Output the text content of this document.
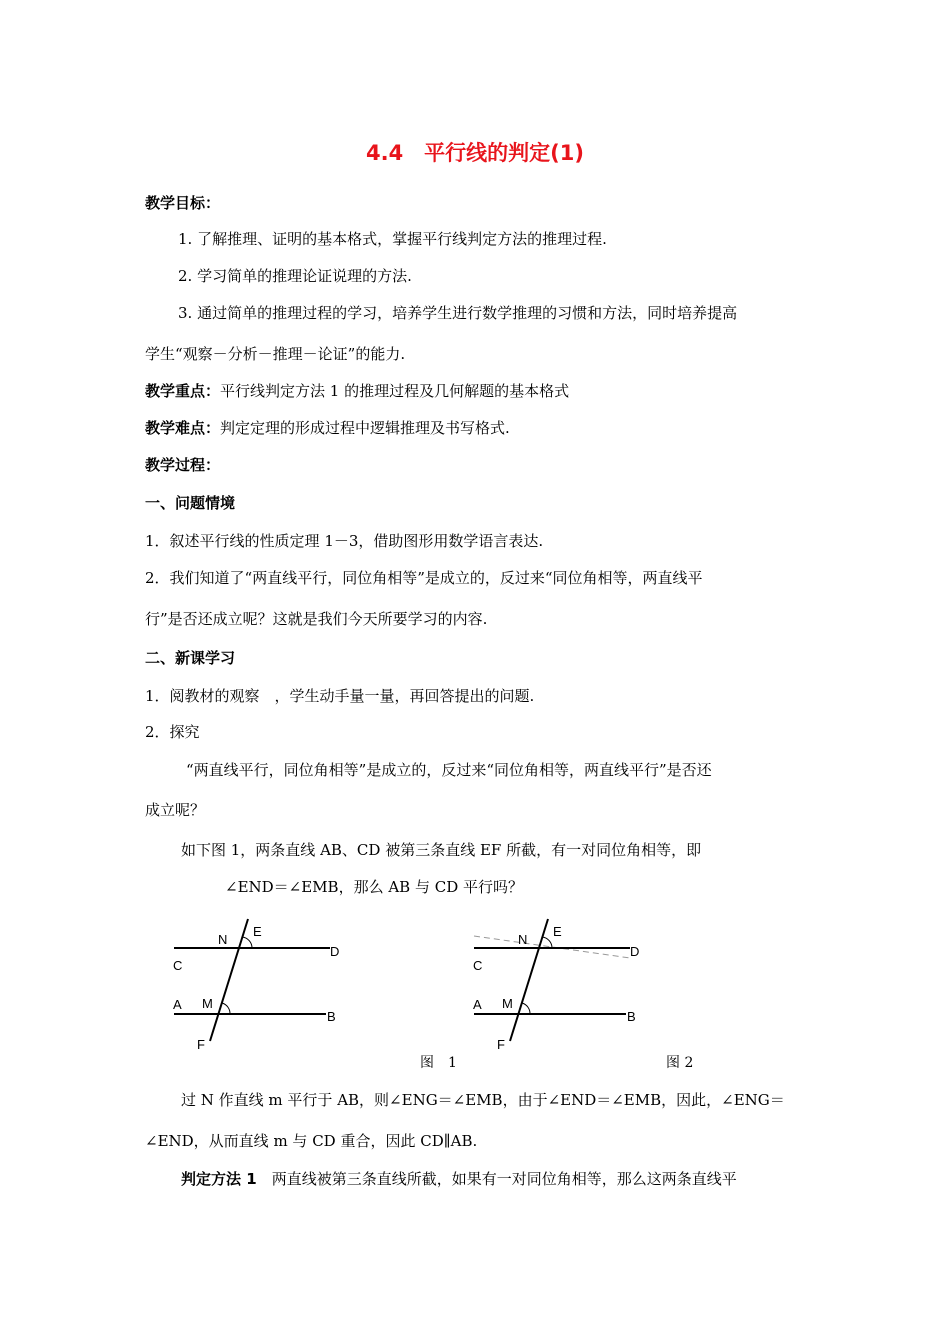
4.4　平行线的判定(1)
教学目标：
1. 了解推理、证明的基本格式，掌握平行线判定方法的推理过程.
2. 学习简单的推理论证说理的方法.
3. 通过简单的推理过程的学习，培养学生进行数学推理的习惯和方法，同时培养提高
学生“观察－分析－推理－论证”的能力.
教学重点：平行线判定方法 1 的推理过程及几何解题的基本格式
教学难点：判定定理的形成过程中逻辑推理及书写格式.
教学过程：
一、问题情境
1．叙述平行线的性质定理 1－3，借助图形用数学语言表达.
2．我们知道了“两直线平行，同位角相等”是成立的，反过来“同位角相等，两直线平
行”是否还成立呢？这就是我们今天所要学习的内容.
二、新课学习
1．阅教材的观察　，学生动手量一量，再回答提出的问题.
2．探究
“两直线平行，同位角相等”是成立的，反过来“同位角相等，两直线平行”是否还
成立呢？
如下图 1，两条直线 AB、CD 被第三条直线 EF 所截，有一对同位角相等，即
∠END＝∠EMB，那么 AB 与 CD 平行吗？
C
D
A
B
E
F
M
N
C
D
A
B
E
F
M
N
图　1	图 2
过 N 作直线 m 平行于 AB，则∠ENG＝∠EMB，由于∠END＝∠EMB，因此，∠ENG＝
∠END，从而直线 m 与 CD 重合，因此 CD∥AB.
判定方法 1　 两直线被第三条直线所截，如果有一对同位角相等，那么这两条直线平
